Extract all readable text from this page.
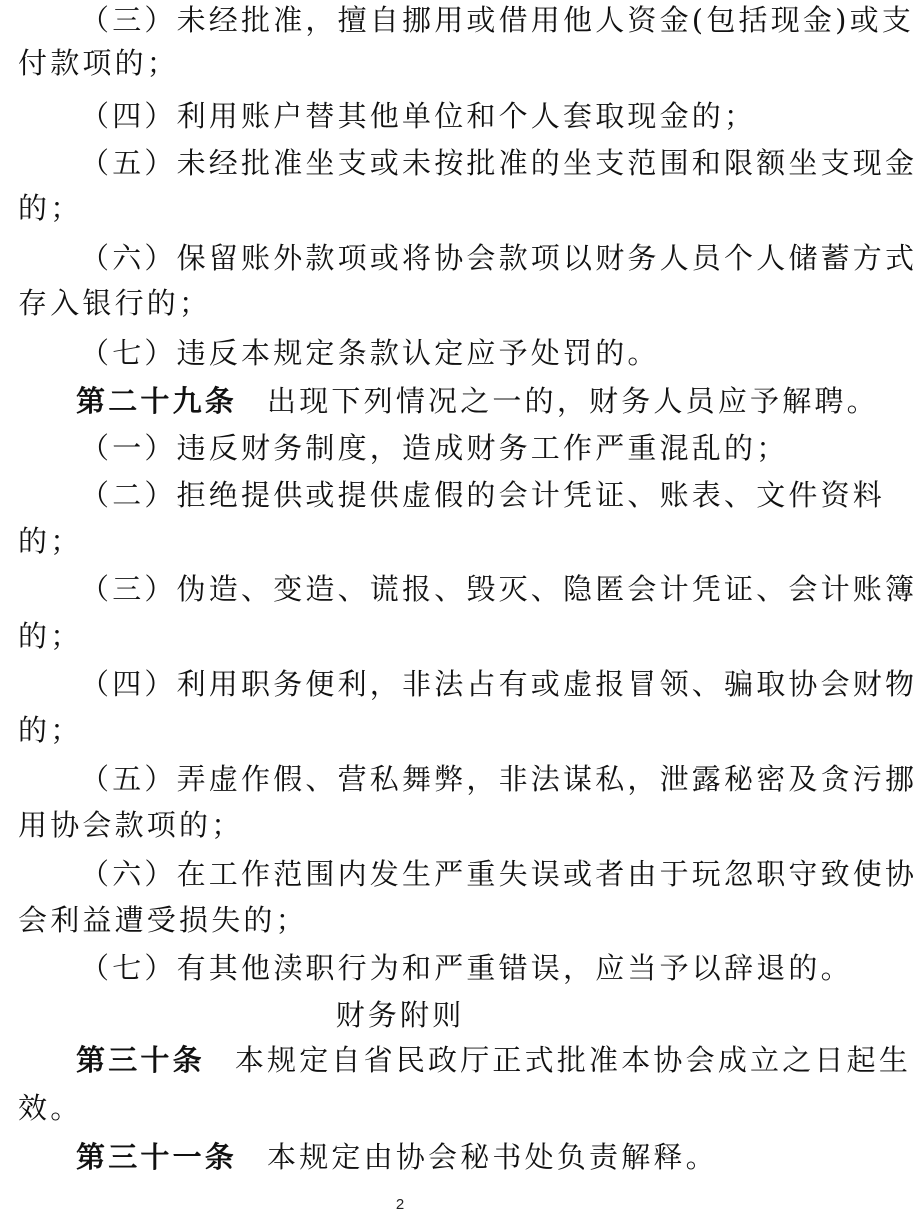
（三）未经批准，擅自挪用或借用他人资金(包括现金)或支
付款项的；
（四）利用账户替其他单位和个人套取现金的；
（五）未经批准坐支或未按批准的坐支范围和限额坐支现金
的；
（六）保留账外款项或将协会款项以财务人员个人储蓄方式
存入银行的；
（七）违反本规定条款认定应予处罚的。
第二十九条 出现下列情况之一的，财务人员应予解聘。
（一）违反财务制度，造成财务工作严重混乱的；
（二）拒绝提供或提供虚假的会计凭证、账表、文件资料
的；
（三）伪造、变造、谎报、毁灭、隐匿会计凭证、会计账簿
的；
（四）利用职务便利，非法占有或虚报冒领、骗取协会财物
的；
（五）弄虚作假、营私舞弊，非法谋私，泄露秘密及贪污挪
用协会款项的；
（六）在工作范围内发生严重失误或者由于玩忽职守致使协
会利益遭受损失的；
（七）有其他渎职行为和严重错误，应当予以辞退的。
财务附则
第三十条 本规定自省民政厅正式批准本协会成立之日起生
效。
第三十一条 本规定由协会秘书处负责解释。
2
